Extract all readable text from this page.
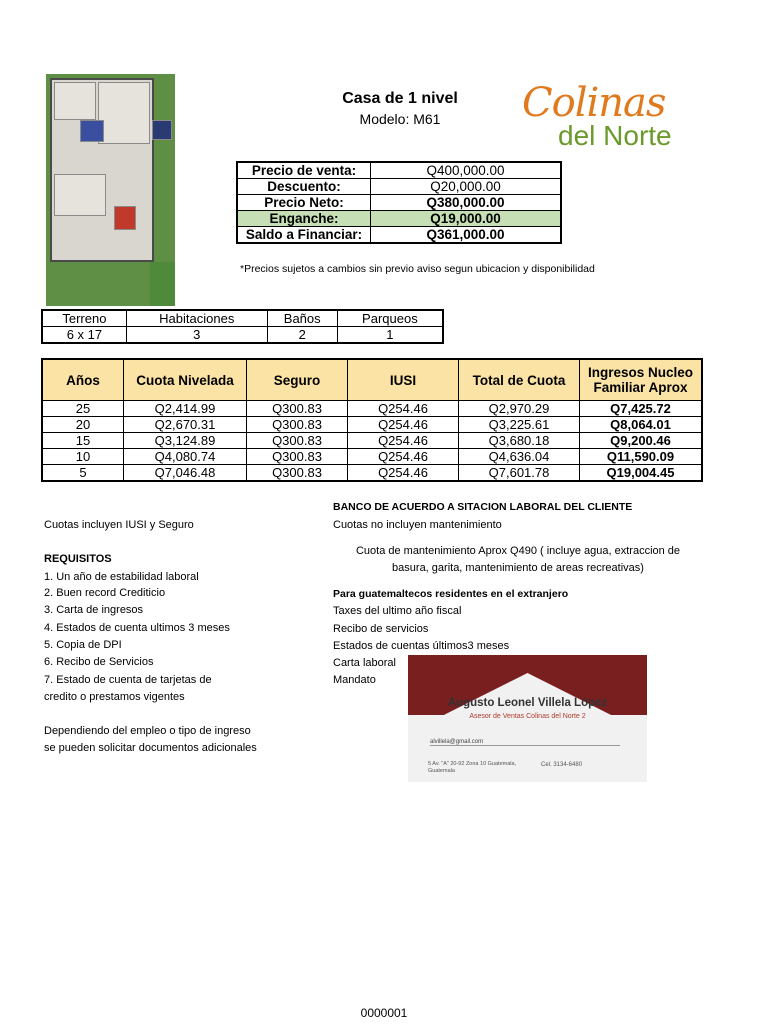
Casa de 1 nivel
Modelo: M61	Colinas
del Norte
Precio de venta:	Q400,000.00
Descuento:	Q20,000.00
Precio Neto:	Q380,000.00
Enganche:	Q19,000.00
Saldo a Financiar:	Q361,000.00
*Precios sujetos a cambios sin previo aviso segun ubicacion y disponibilidad
Terreno	Habitaciones	Baños	Parqueos
6 x 17	3	2	1
Años	Cuota Nivelada	Seguro	IUSI	Total de Cuota	Ingresos Nucleo Familiar Aprox
25	Q2,414.99	Q300.83	Q254.46	Q2,970.29	Q7,425.72
20	Q2,670.31	Q300.83	Q254.46	Q3,225.61	Q8,064.01
15	Q3,124.89	Q300.83	Q254.46	Q3,680.18	Q9,200.46
10	Q4,080.74	Q300.83	Q254.46	Q4,636.04	Q11,590.09
5	Q7,046.48	Q300.83	Q254.46	Q7,601.78	Q19,004.45
Cuotas incluyen IUSI y Seguro
REQUISITOS
1. Un año de estabilidad laboral
2. Buen record Crediticio
3. Carta de ingresos
4. Estados de cuenta ultimos 3 meses
5. Copia de DPI
6. Recibo de Servicios
7. Estado de cuenta de tarjetas de
credito o prestamos vigentes
Dependiendo del empleo o tipo de ingreso
se pueden solicitar documentos adicionales
BANCO DE ACUERDO A SITACION LABORAL DEL CLIENTE
Cuotas no incluyen mantenimiento
Cuota de mantenimiento Aprox Q490 ( incluye agua, extraccion de
basura, garita, mantenimiento de areas recreativas)
Para guatemaltecos residentes en el extranjero
Taxes del ultimo año fiscal
Recibo de servicios
Estados de cuentas últimos3 meses
Carta laboral
Mandato
Augusto Leonel Villela López
Asesor de Ventas Colinas del Norte 2
alvillela@gmail.com
5 Av. "A" 20-92 Zona 10 Guatemala, Guatemala
Cel. 3134-6480
0000001
